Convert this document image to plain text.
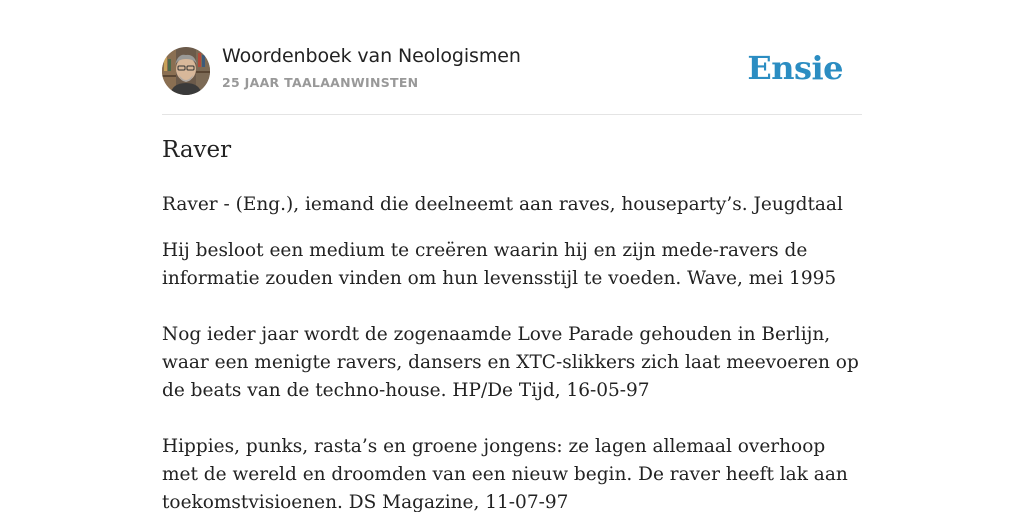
Woordenboek van Neologismen
25 JAAR TAALAANWINSTEN	Ensie
Raver

Raver - (Eng.), iemand die deelneemt aan raves, houseparty’s. Jeugdtaal

Hij besloot een medium te creëren waarin hij en zijn mede-ravers de informatie zouden vinden om hun levensstijl te voeden. Wave, mei 1995

Nog ieder jaar wordt de zogenaamde Love Parade gehouden in Berlijn, waar een menigte ravers, dansers en XTC-slikkers zich laat meevoeren op de beats van de techno-house. HP/De Tijd, 16-05-97

Hippies, punks, rasta’s en groene jongens: ze lagen allemaal overhoop met de wereld en droomden van een nieuw begin. De raver heeft lak aan toekomstvisioenen. DS Magazine, 11-07-97
